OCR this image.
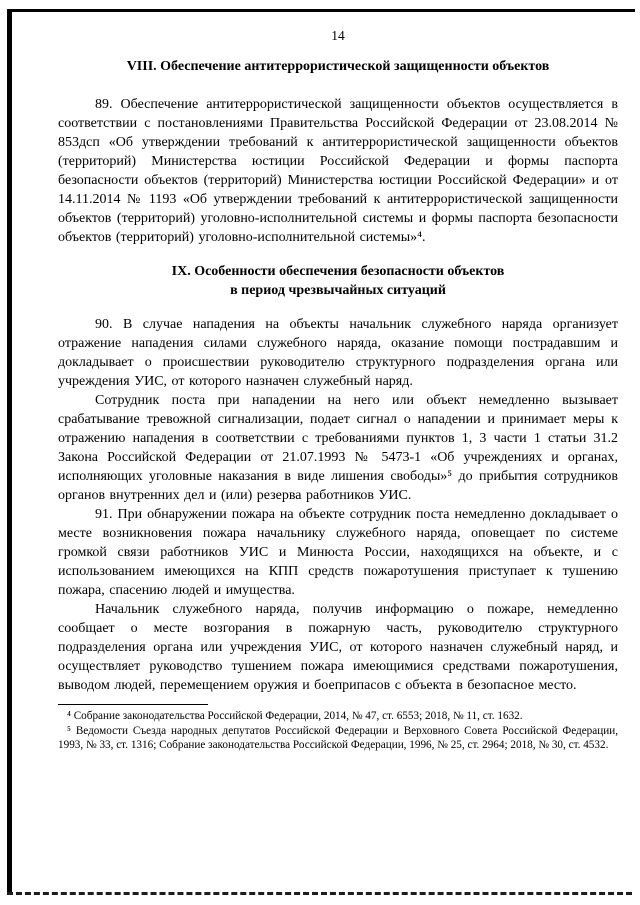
14
VIII. Обеспечение антитеррористической защищенности объектов

89. Обеспечение антитеррористической защищенности объектов осуществляется в соответствии с постановлениями Правительства Российской Федерации от 23.08.2014 № 853дсп «Об утверждении требований к антитеррористической защищенности объектов (территорий) Министерства юстиции Российской Федерации и формы паспорта безопасности объектов (территорий) Министерства юстиции Российской Федерации» и от 14.11.2014 № 1193 «Об утверждении требований к антитеррористической защищенности объектов (территорий) уголовно-исполнительной системы и формы паспорта безопасности объектов (территорий) уголовно-исполнительной системы»⁴.

IX. Особенности обеспечения безопасности объектов
в период чрезвычайных ситуаций

90. В случае нападения на объекты начальник служебного наряда организует отражение нападения силами служебного наряда, оказание помощи пострадавшим и докладывает о происшествии руководителю структурного подразделения органа или учреждения УИС, от которого назначен служебный наряд.

Сотрудник поста при нападении на него или объект немедленно вызывает срабатывание тревожной сигнализации, подает сигнал о нападении и принимает меры к отражению нападения в соответствии с требованиями пунктов 1, 3 части 1 статьи 31.2 Закона Российской Федерации от 21.07.1993 № 5473-1 «Об учреждениях и органах, исполняющих уголовные наказания в виде лишения свободы»⁵ до прибытия сотрудников органов внутренних дел и (или) резерва работников УИС.

91. При обнаружении пожара на объекте сотрудник поста немедленно докладывает о месте возникновения пожара начальнику служебного наряда, оповещает по системе громкой связи работников УИС и Минюста России, находящихся на объекте, и с использованием имеющихся на КПП средств пожаротушения приступает к тушению пожара, спасению людей и имущества.

Начальник служебного наряда, получив информацию о пожаре, немедленно сообщает о месте возгорания в пожарную часть, руководителю структурного подразделения органа или учреждения УИС, от которого назначен служебный наряд, и осуществляет руководство тушением пожара имеющимися средствами пожаротушения, выводом людей, перемещением оружия и боеприпасов с объекта в безопасное место.

⁴ Собрание законодательства Российской Федерации, 2014, № 47, ст. 6553; 2018, № 11, ст. 1632.

⁵ Ведомости Съезда народных депутатов Российской Федерации и Верховного Совета Российской Федерации, 1993, № 33, ст. 1316; Собрание законодательства Российской Федерации, 1996, № 25, ст. 2964; 2018, № 30, ст. 4532.
